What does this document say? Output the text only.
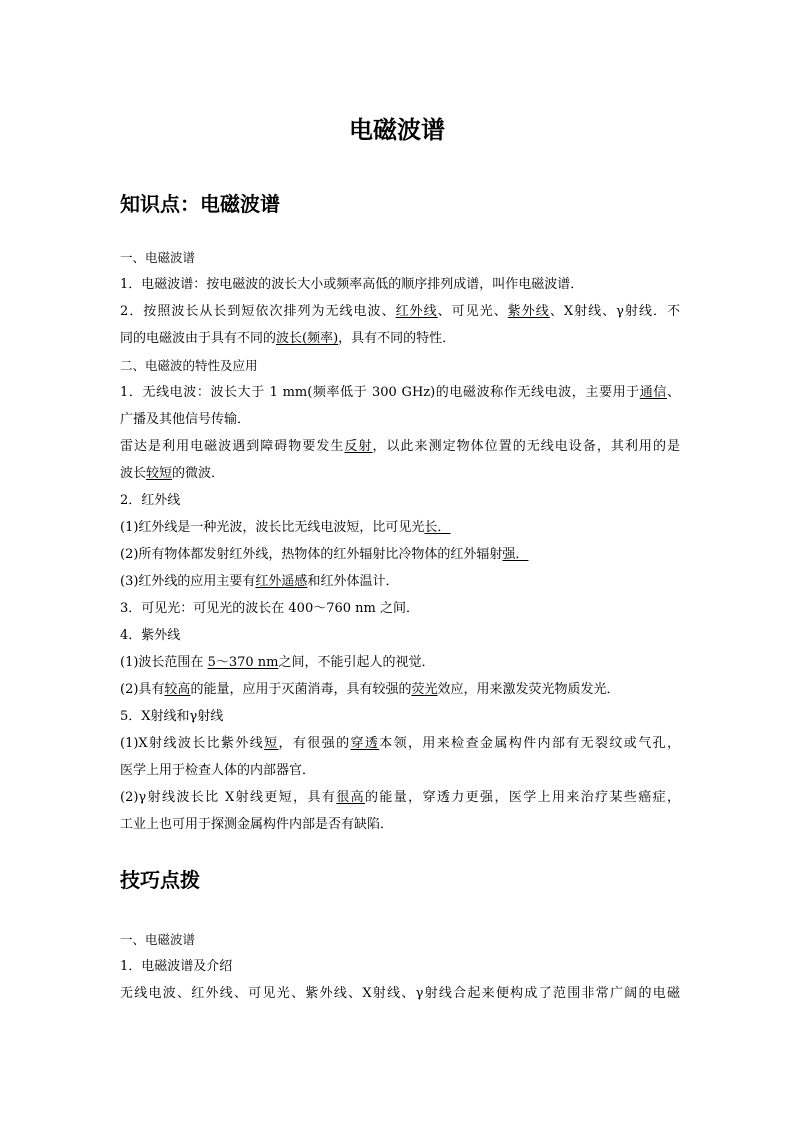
电磁波谱
知识点：电磁波谱
一、电磁波谱
1．电磁波谱：按电磁波的波长大小或频率高低的顺序排列成谱，叫作电磁波谱．
2．按照波长从长到短依次排列为无线电波、红外线、可见光、紫外线、X射线、γ射线．不
同的电磁波由于具有不同的波长(频率)，具有不同的特性．
二、电磁波的特性及应用
1．无线电波：波长大于 1 mm(频率低于 300 GHz)的电磁波称作无线电波，主要用于通信、
广播及其他信号传输．
雷达是利用电磁波遇到障碍物要发生反射，以此来测定物体位置的无线电设备，其利用的是
波长较短的微波．
2．红外线
(1)红外线是一种光波，波长比无线电波短，比可见光长．
(2)所有物体都发射红外线，热物体的红外辐射比冷物体的红外辐射强．
(3)红外线的应用主要有红外遥感和红外体温计．
3．可见光：可见光的波长在 400～760 nm 之间．
4．紫外线
(1)波长范围在 5～370 nm之间，不能引起人的视觉．
(2)具有较高的能量，应用于灭菌消毒，具有较强的荧光效应，用来激发荧光物质发光．
5．X射线和γ射线
(1)X射线波长比紫外线短，有很强的穿透本领，用来检查金属构件内部有无裂纹或气孔，
医学上用于检查人体的内部器官．
(2)γ射线波长比 X射线更短，具有很高的能量，穿透力更强，医学上用来治疗某些癌症，
工业上也可用于探测金属构件内部是否有缺陷．
技巧点拨
一、电磁波谱
1．电磁波谱及介绍
无线电波、红外线、可见光、紫外线、X射线、γ射线合起来便构成了范围非常广阔的电磁
